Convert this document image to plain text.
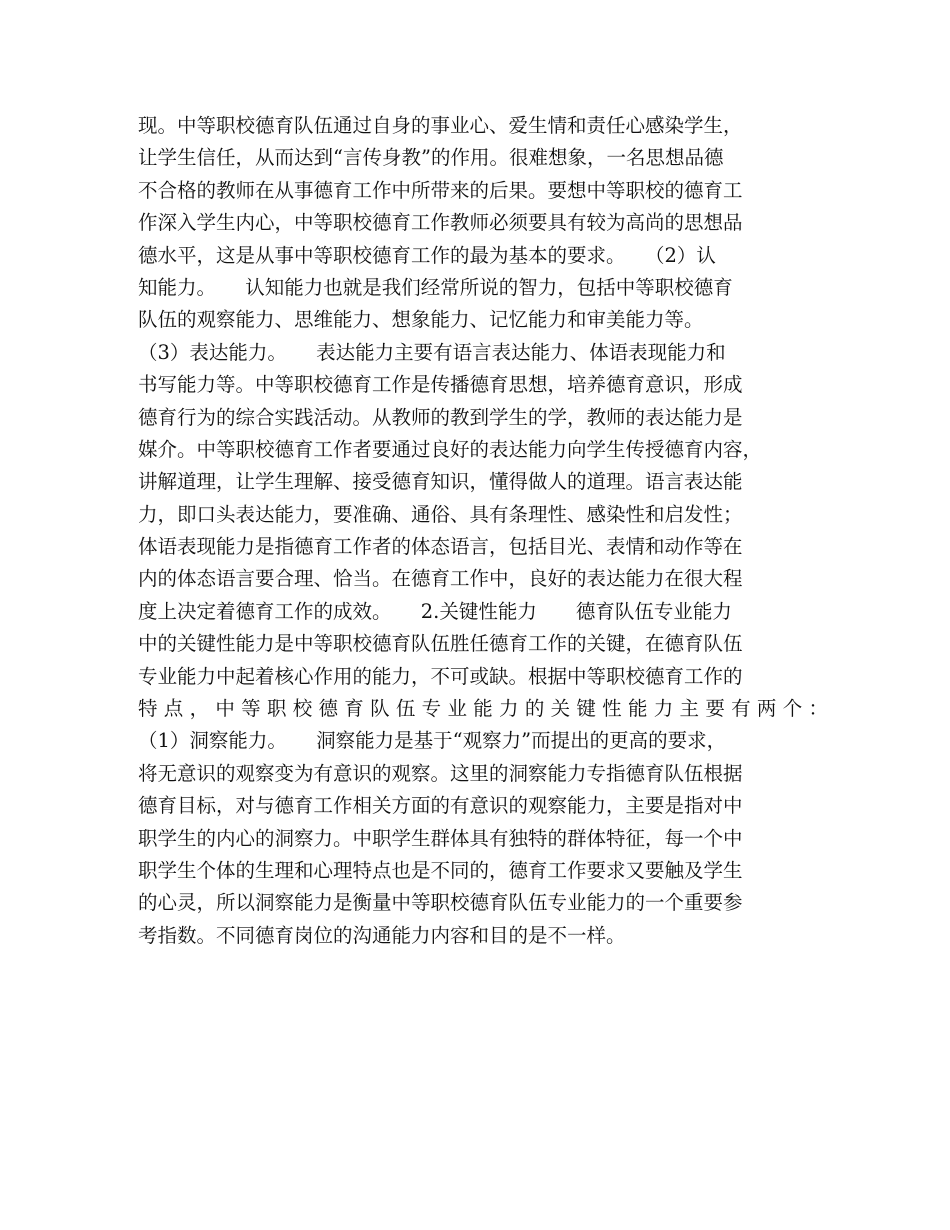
现。中等职校德育队伍通过自身的事业心、爱生情和责任心感染学生，
让学生信任，从而达到“言传身教”的作用。很难想象，一名思想品德
不合格的教师在从事德育工作中所带来的后果。要想中等职校的德育工
作深入学生内心，中等职校德育工作教师必须要具有较为高尚的思想品
德水平，这是从事中等职校德育工作的最为基本的要求。　　（2）认
知能力。　　认知能力也就是我们经常所说的智力，包括中等职校德育
队伍的观察能力、思维能力、想象能力、记忆能力和审美能力等。
（3）表达能力。　　表达能力主要有语言表达能力、体语表现能力和
书写能力等。中等职校德育工作是传播德育思想，培养德育意识，形成
德育行为的综合实践活动。从教师的教到学生的学，教师的表达能力是
媒介。中等职校德育工作者要通过良好的表达能力向学生传授德育内容，
讲解道理，让学生理解、接受德育知识，懂得做人的道理。语言表达能
力，即口头表达能力，要准确、通俗、具有条理性、感染性和启发性；
体语表现能力是指德育工作者的体态语言，包括目光、表情和动作等在
内的体态语言要合理、恰当。在德育工作中，良好的表达能力在很大程
度上决定着德育工作的成效。　　2.关键性能力　　德育队伍专业能力
中的关键性能力是中等职校德育队伍胜任德育工作的关键，在德育队伍
专业能力中起着核心作用的能力，不可或缺。根据中等职校德育工作的
特点，中等职校德育队伍专业能力的关键性能力主要有两个：
（1）洞察能力。　　洞察能力是基于“观察力”而提出的更高的要求，
将无意识的观察变为有意识的观察。这里的洞察能力专指德育队伍根据
德育目标，对与德育工作相关方面的有意识的观察能力，主要是指对中
职学生的内心的洞察力。中职学生群体具有独特的群体特征，每一个中
职学生个体的生理和心理特点也是不同的，德育工作要求又要触及学生
的心灵，所以洞察能力是衡量中等职校德育队伍专业能力的一个重要参
考指数。不同德育岗位的沟通能力内容和目的是不一样。
